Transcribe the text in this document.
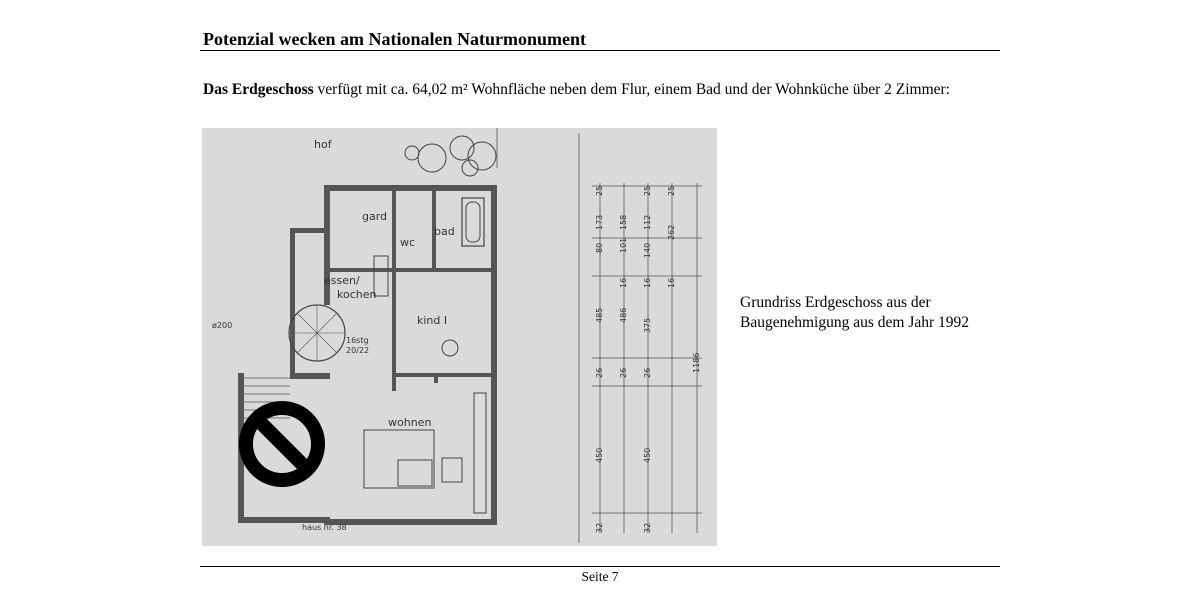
Potenzial wecken am Nationalen Naturmonument
Das Erdgeschoss verfügt mit ca. 64,02 m² Wohnfläche neben dem Flur, einem Bad und der Wohnküche über 2 Zimmer:
hof
gard
wc
bad
essen/
kochen
kind I
wohnen
16stg
20/22
ø200
haus nr. 38
25	25 25
173 158 112
262
80 101 140
16 16 16
485 486
375
26 26 26
450	450
32	32
1186
Grundriss Erdgeschoss aus der
Baugenehmigung aus dem Jahr 1992
Seite 7
